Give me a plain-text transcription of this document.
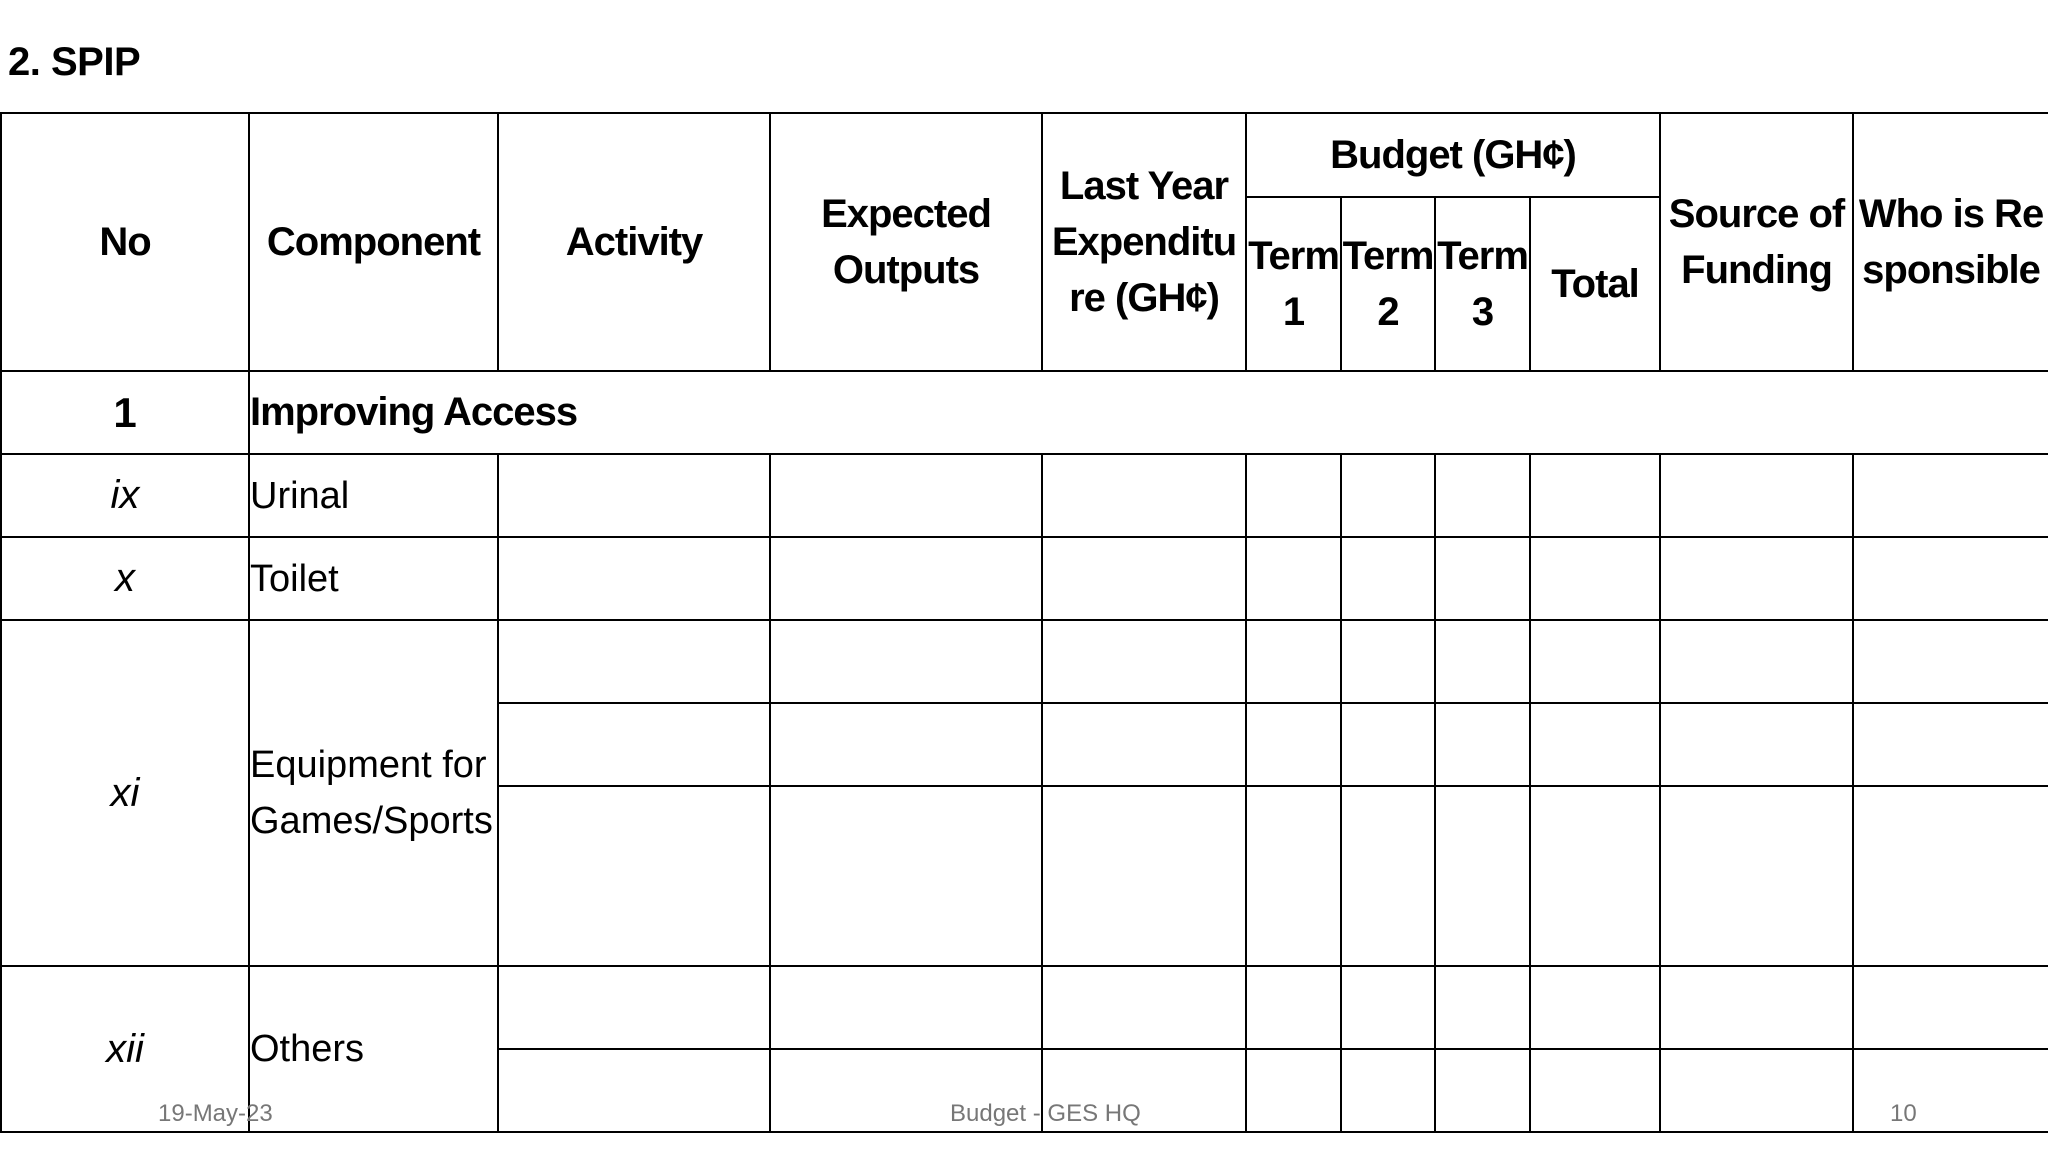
2. SPIP
No	Component	Activity	Expected Outputs	Last Year Expenditure (GH¢)	Budget (GH¢)				Source of Funding	Who is Responsible
					Term 1	Term 2	Term 3	Total		
1	Improving Access									
ix	Urinal									
x	Toilet									
xi	Equipment for Games/Sports									

xii	Others									

19-May-23	Budget - GES HQ	10
